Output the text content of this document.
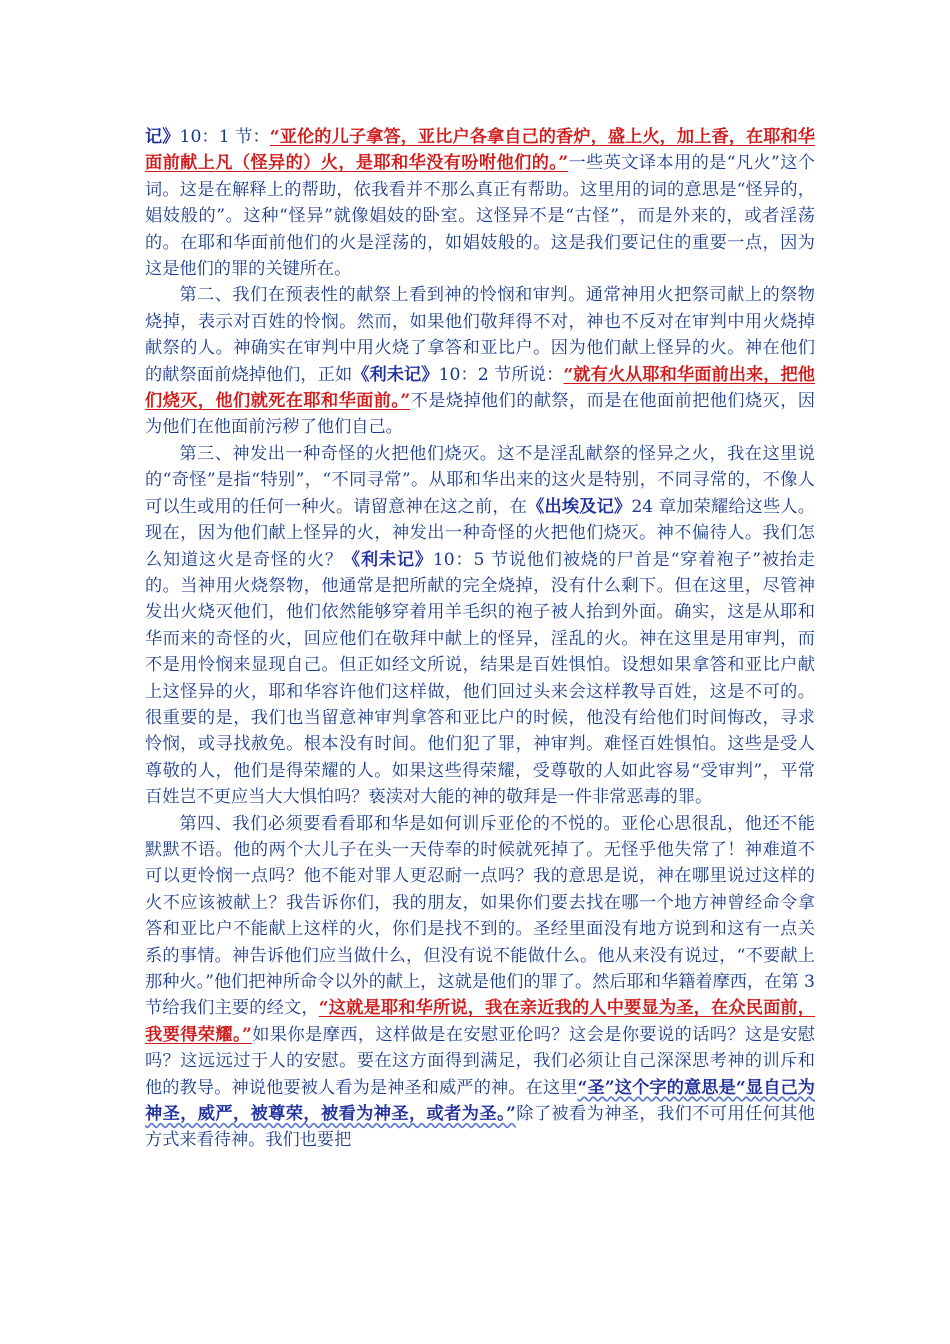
记》10：1 节：“亚伦的儿子拿答，亚比户各拿自己的香炉，盛上火，加上香，在耶和华面前献上凡（怪异的）火，是耶和华没有吩咐他们的。”一些英文译本用的是“凡火”这个词。这是在解释上的帮助，依我看并不那么真正有帮助。这里用的词的意思是“怪异的，娼妓般的”。这种“怪异”就像娼妓的卧室。这怪异不是“古怪”，而是外来的，或者淫荡的。在耶和华面前他们的火是淫荡的，如娼妓般的。这是我们要记住的重要一点，因为这是他们的罪的关键所在。

第二、我们在预表性的献祭上看到神的怜悯和审判。通常神用火把祭司献上的祭物烧掉，表示对百姓的怜悯。然而，如果他们敬拜得不对，神也不反对在审判中用火烧掉献祭的人。神确实在审判中用火烧了拿答和亚比户。因为他们献上怪异的火。神在他们的献祭面前烧掉他们，正如《利未记》10：2 节所说：“就有火从耶和华面前出来，把他们烧灭，他们就死在耶和华面前。”不是烧掉他们的献祭，而是在他面前把他们烧灭，因为他们在他面前污秽了他们自己。

第三、神发出一种奇怪的火把他们烧灭。这不是淫乱献祭的怪异之火，我在这里说的“奇怪”是指“特别”，“不同寻常”。从耶和华出来的这火是特别，不同寻常的，不像人可以生或用的任何一种火。请留意神在这之前，在《出埃及记》24 章加荣耀给这些人。现在，因为他们献上怪异的火，神发出一种奇怪的火把他们烧灭。神不偏待人。我们怎么知道这火是奇怪的火？《利未记》10：5 节说他们被烧的尸首是“穿着袍子”被抬走的。当神用火烧祭物，他通常是把所献的完全烧掉，没有什么剩下。但在这里，尽管神发出火烧灭他们，他们依然能够穿着用羊毛织的袍子被人抬到外面。确实，这是从耶和华而来的奇怪的火，回应他们在敬拜中献上的怪异，淫乱的火。神在这里是用审判，而不是用怜悯来显现自己。但正如经文所说，结果是百姓惧怕。设想如果拿答和亚比户献上这怪异的火，耶和华容许他们这样做，他们回过头来会这样教导百姓，这是不可的。很重要的是，我们也当留意神审判拿答和亚比户的时候，他没有给他们时间悔改，寻求怜悯，或寻找赦免。根本没有时间。他们犯了罪，神审判。难怪百姓惧怕。这些是受人尊敬的人，他们是得荣耀的人。如果这些得荣耀，受尊敬的人如此容易“受审判”，平常百姓岂不更应当大大惧怕吗？亵渎对大能的神的敬拜是一件非常恶毒的罪。

第四、我们必须要看看耶和华是如何训斥亚伦的不悦的。亚伦心思很乱，他还不能默默不语。他的两个大儿子在头一天侍奉的时候就死掉了。无怪乎他失常了！神难道不可以更怜悯一点吗？他不能对罪人更忍耐一点吗？我的意思是说，神在哪里说过这样的火不应该被献上？我告诉你们，我的朋友，如果你们要去找在哪一个地方神曾经命令拿答和亚比户不能献上这样的火，你们是找不到的。圣经里面没有地方说到和这有一点关系的事情。神告诉他们应当做什么，但没有说不能做什么。他从来没有说过，“不要献上那种火。”他们把神所命令以外的献上，这就是他们的罪了。然后耶和华籍着摩西，在第 3 节给我们主要的经文，“这就是耶和华所说，我在亲近我的人中要显为圣，在众民面前，我要得荣耀。”如果你是摩西，这样做是在安慰亚伦吗？这会是你要说的话吗？这是安慰吗？这远远过于人的安慰。要在这方面得到满足，我们必须让自己深深思考神的训斥和他的教导。神说他要被人看为是神圣和威严的神。在这里“圣”这个字的意思是“显自己为神圣，威严，被尊荣，被看为神圣，或者为圣。”除了被看为神圣，我们不可用任何其他方式来看待神。我们也要把
